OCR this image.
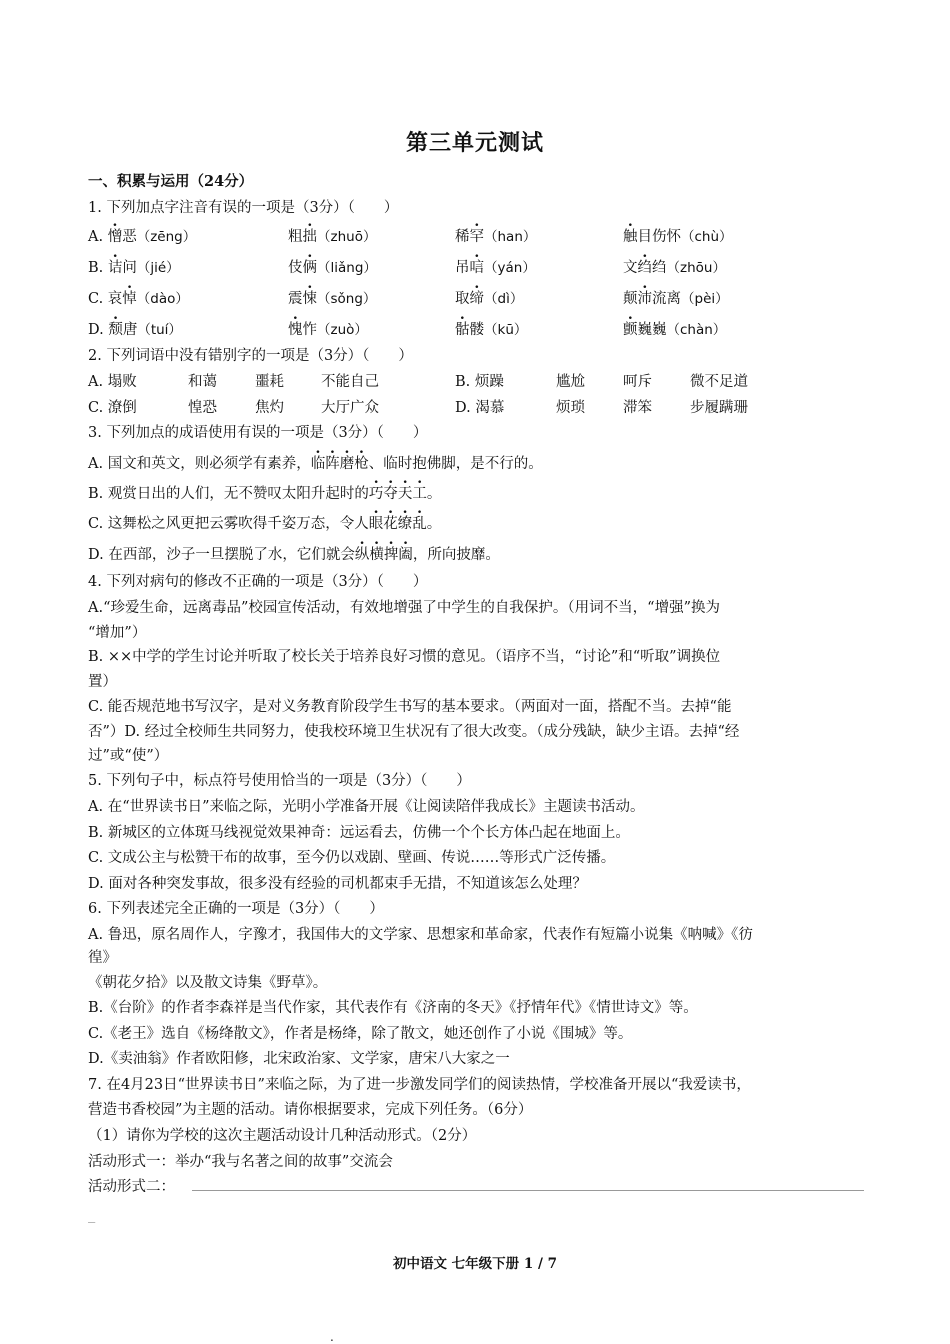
第三单元测试
一、积累与运用（24分）
1. 下列加点字注音有误的一项是（3分）（　　）
A. 憎恶（zēng）	粗拙（zhuō）	稀罕（han）	触目伤怀（chù）
B. 诘问（jié）	伎俩（liǎng）	吊唁（yán）	文绉绉（zhōu）
C. 哀悼（dào）	震悚（sǒng）	取缔（dì）	颠沛流离（pèi）
D. 颓唐（tuí）	愧怍（zuò）	骷髅（kū）	颤巍巍（chàn）
2. 下列词语中没有错别字的一项是（3分）（　　）
A. 塌败	和蔼	噩耗	不能自己	B. 烦躁	尴尬	呵斥	微不足道
C. 潦倒	惶恐	焦灼	大厅广众	D. 渴慕	烦琐	滞笨	步履蹒珊
3. 下列加点的成语使用有误的一项是（3分）（　　）
A. 国文和英文，则必须学有素养，临阵磨枪、临时抱佛脚，是不行的。
B. 观赏日出的人们，无不赞叹太阳升起时的巧夺天工。
C. 这舞松之风更把云雾吹得千姿万态，令人眼花缭乱。
D. 在西部，沙子一旦摆脱了水，它们就会纵横捭阖，所向披靡。
4. 下列对病句的修改不正确的一项是（3分）（　　）
A.“珍爱生命，远离毒品”校园宣传活动，有效地增强了中学生的自我保护。（用词不当，“增强”换为
“增加”）
B. ××中学的学生讨论并听取了校长关于培养良好习惯的意见。（语序不当，“讨论”和“听取”调换位
置）
C. 能否规范地书写汉字，是对义务教育阶段学生书写的基本要求。（两面对一面，搭配不当。去掉“能
否”）D. 经过全校师生共同努力，使我校环境卫生状况有了很大改变。（成分残缺，缺少主语。去掉“经
过”或“使”）
5. 下列句子中，标点符号使用恰当的一项是（3分）（　　）
A. 在“世界读书日”来临之际，光明小学准备开展《让阅读陪伴我成长》主题读书活动。
B. 新城区的立体斑马线视觉效果神奇：远运看去，仿佛一个个长方体凸起在地面上。
C. 文成公主与松赞干布的故事，至今仍以戏剧、壁画、传说……等形式广泛传播。
D. 面对各种突发事故，很多没有经验的司机都束手无措，不知道该怎么处理？
6. 下列表述完全正确的一项是（3分）（　　）
A. 鲁迅，原名周作人，字豫才，我国伟大的文学家、思想家和革命家，代表作有短篇小说集《呐喊》《彷
徨》
《朝花夕拾》以及散文诗集《野草》。
B.《台阶》的作者李森祥是当代作家，其代表作有《济南的冬天》《抒情年代》《情世诗文》等。
C.《老王》选自《杨绛散文》，作者是杨绛，除了散文，她还创作了小说《围城》等。
D.《卖油翁》作者欧阳修，北宋政治家、文学家，唐宋八大家之一
7. 在4月23日“世界读书日”来临之际，为了进一步激发同学们的阅读热情，学校准备开展以“我爱读书，
营造书香校园”为主题的活动。请你根据要求，完成下列任务。（6分）
（1）请你为学校的这次主题活动设计几种活动形式。（2分）
活动形式一：举办“我与名著之间的故事”交流会
活动形式二：
_
初中语文 七年级下册 1 / 7
.
